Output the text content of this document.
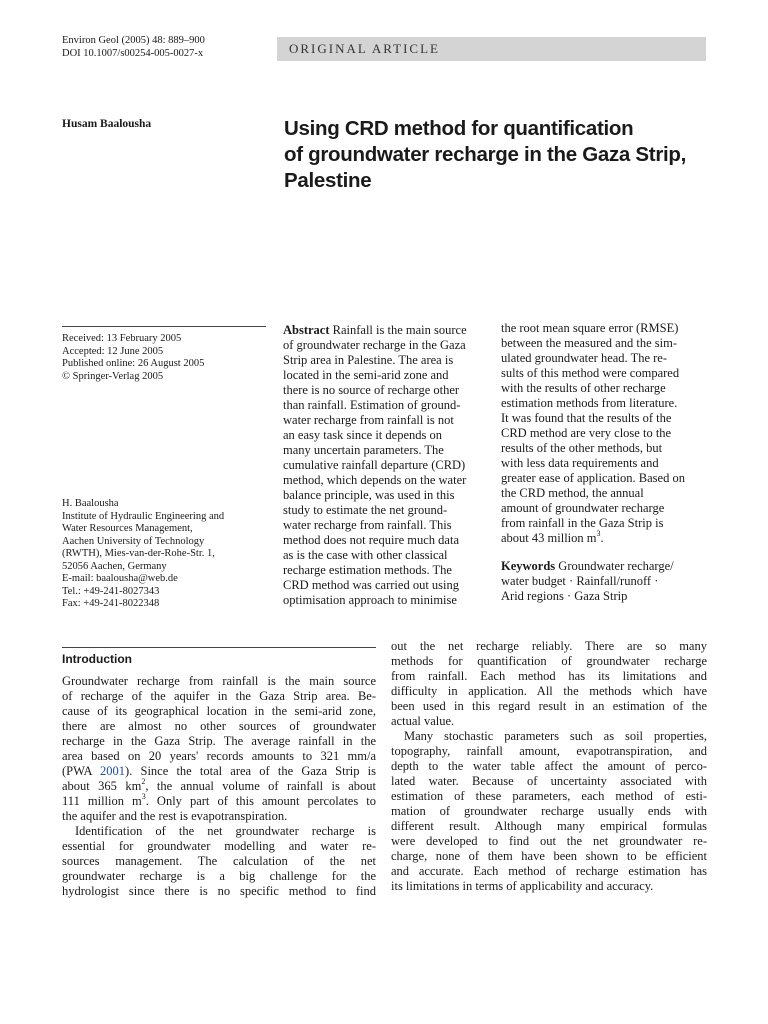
Environ Geol (2005) 48: 889–900
DOI 10.1007/s00254-005-0027-x	ORIGINAL ARTICLE
Husam Baalousha	Using CRD method for quantification
of groundwater recharge in the Gaza Strip,
Palestine
Received: 13 February 2005
Accepted: 12 June 2005
Published online: 26 August 2005
© Springer-Verlag 2005
H. Baalousha
Institute of Hydraulic Engineering and
Water Resources Management,
Aachen University of Technology
(RWTH), Mies-van-der-Rohe-Str. 1,
52056 Aachen, Germany
E-mail: baalousha@web.de
Tel.: +49-241-8027343
Fax: +49-241-8022348
Abstract Rainfall is the main source
of groundwater recharge in the Gaza
Strip area in Palestine. The area is
located in the semi-arid zone and
there is no source of recharge other
than rainfall. Estimation of ground-
water recharge from rainfall is not
an easy task since it depends on
many uncertain parameters. The
cumulative rainfall departure (CRD)
method, which depends on the water
balance principle, was used in this
study to estimate the net ground-
water recharge from rainfall. This
method does not require much data
as is the case with other classical
recharge estimation methods. The
CRD method was carried out using
optimisation approach to minimise
the root mean square error (RMSE)
between the measured and the sim-
ulated groundwater head. The re-
sults of this method were compared
with the results of other recharge
estimation methods from literature.
It was found that the results of the
CRD method are very close to the
results of the other methods, but
with less data requirements and
greater ease of application. Based on
the CRD method, the annual
amount of groundwater recharge
from rainfall in the Gaza Strip is
about 43 million $m^3$.
Keywords Groundwater recharge/
water budget · Rainfall/runoff ·
Arid regions · Gaza Strip
Introduction
Groundwater recharge from rainfall is the main source
of recharge of the aquifer in the Gaza Strip area. Be-
cause of its geographical location in the semi-arid zone,
there are almost no other sources of groundwater
recharge in the Gaza Strip. The average rainfall in the
area based on 20 years' records amounts to 321 mm/a
(PWA 2001). Since the total area of the Gaza Strip is
about 365 $km^2$, the annual volume of rainfall is about
111 million $m^3$. Only part of this amount percolates to
the aquifer and the rest is evapotranspiration.
Identification of the net groundwater recharge is
essential for groundwater modelling and water re-
sources management. The calculation of the net
groundwater recharge is a big challenge for the
hydrologist since there is no specific method to find
out the net recharge reliably. There are so many
methods for quantification of groundwater recharge
from rainfall. Each method has its limitations and
difficulty in application. All the methods which have
been used in this regard result in an estimation of the
actual value.
Many stochastic parameters such as soil properties,
topography, rainfall amount, evapotranspiration, and
depth to the water table affect the amount of perco-
lated water. Because of uncertainty associated with
estimation of these parameters, each method of esti-
mation of groundwater recharge usually ends with
different result. Although many empirical formulas
were developed to find out the net groundwater re-
charge, none of them have been shown to be efficient
and accurate. Each method of recharge estimation has
its limitations in terms of applicability and accuracy.
